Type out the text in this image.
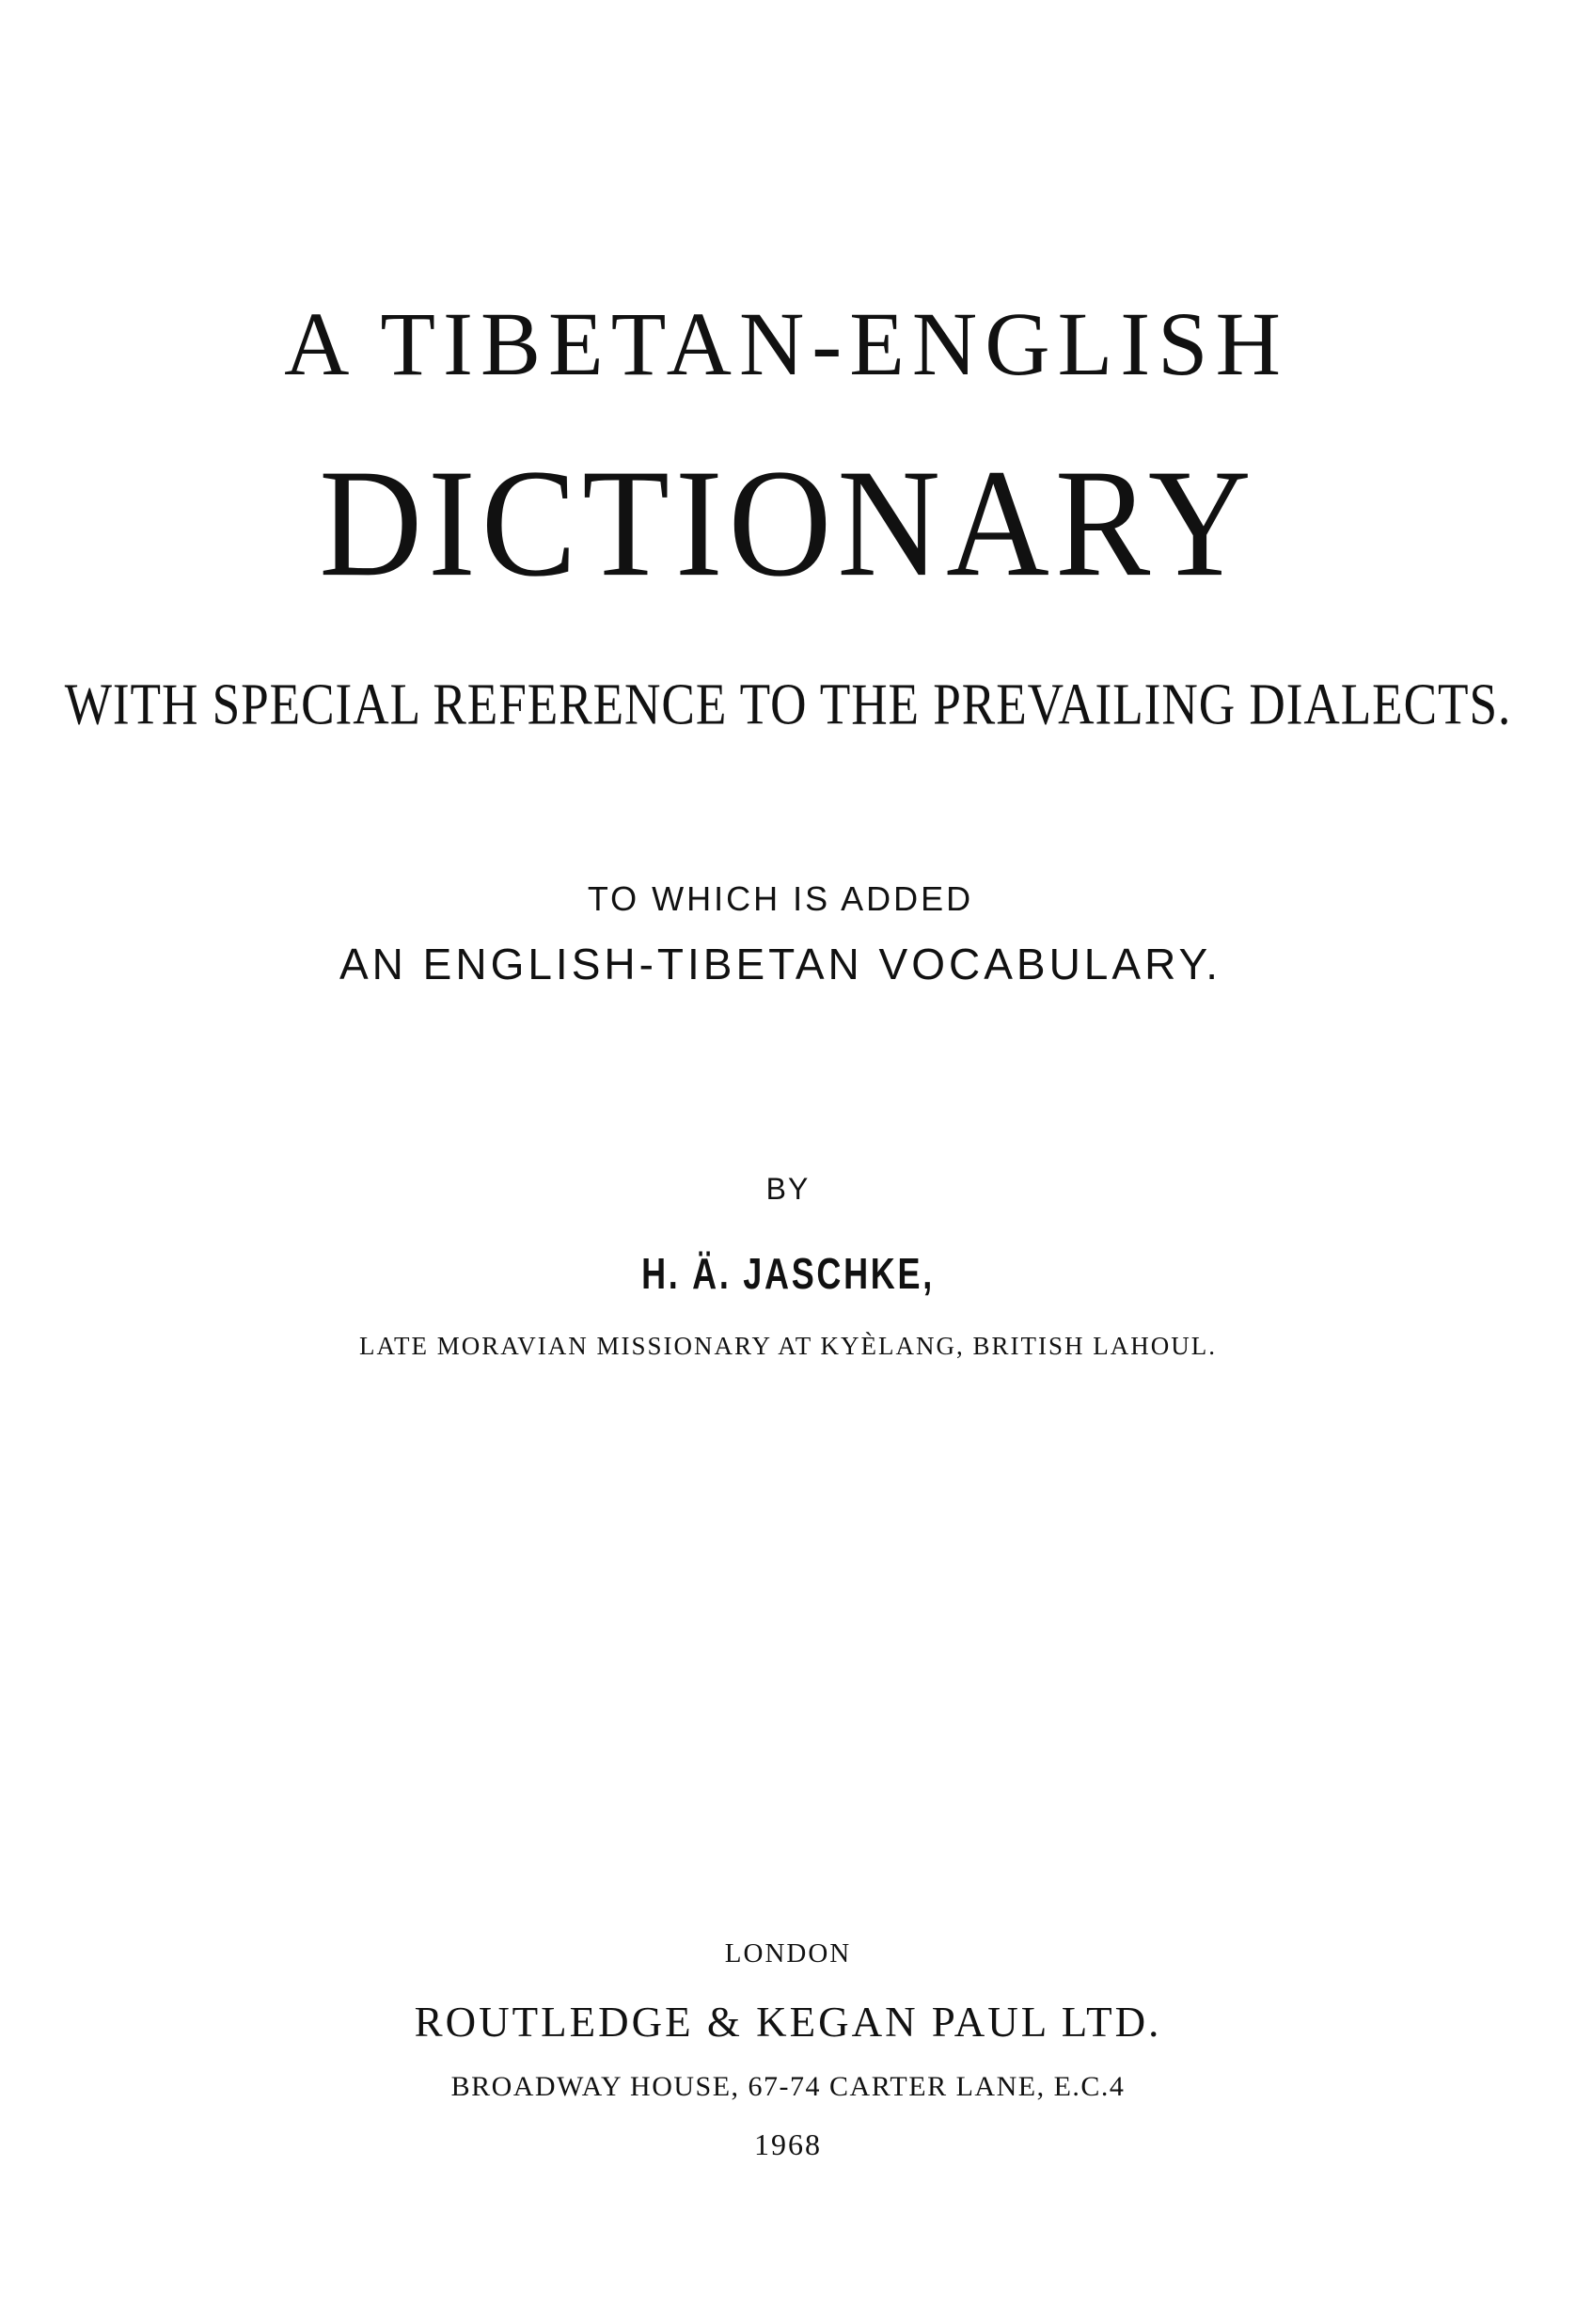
A TIBETAN-ENGLISH
DICTIONARY
WITH SPECIAL REFERENCE TO THE PREVAILING DIALECTS.
TO WHICH IS ADDED
AN ENGLISH-TIBETAN VOCABULARY.
BY
H. Ä. JASCHKE,
LATE MORAVIAN MISSIONARY AT KYÈLANG, BRITISH LAHOUL.
LONDON
ROUTLEDGE & KEGAN PAUL LTD.
BROADWAY HOUSE, 67-74 CARTER LANE, E.C.4
1968
